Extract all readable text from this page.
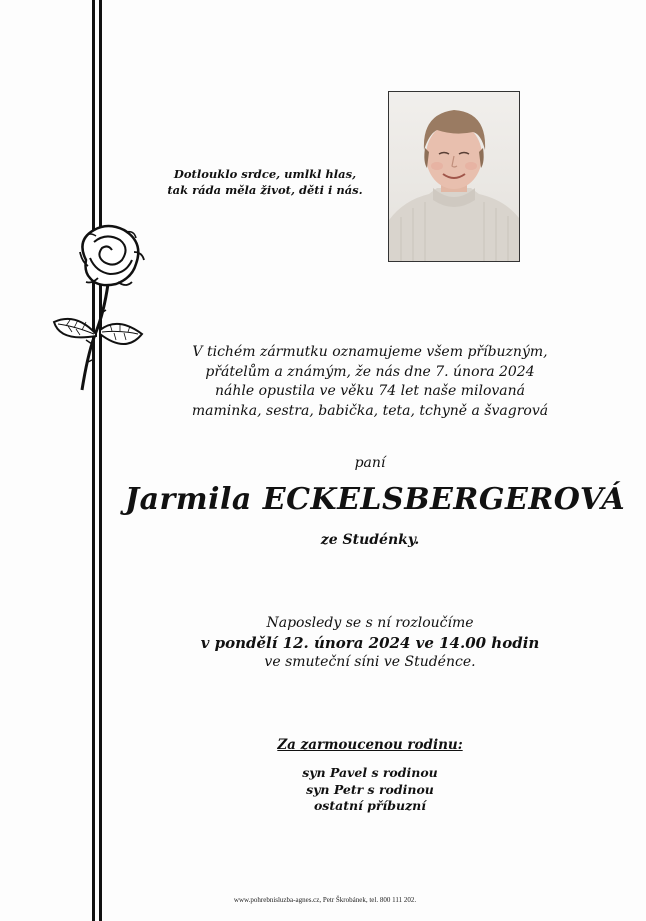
Dotlouklo srdce, umlkl hlas,
tak ráda měla život, děti i nás.
V tichém zármutku oznamujeme všem příbuzným,
přátelům a známým, že nás dne 7. února 2024
náhle opustila ve věku 74 let naše milovaná
maminka, sestra, babička, teta, tchyně a švagrová
paní
Jarmila ECKELSBERGEROVÁ
ze Studénky.
Naposledy se s ní rozloučíme
v pondělí 12. února 2024 ve 14.00 hodin
ve smuteční síni ve Studénce.
Za zarmoucenou rodinu:
syn Pavel s rodinou
syn Petr s rodinou
ostatní příbuzní
www.pohrebnisluzba-agnes.cz, Petr Škrobánek, tel. 800 111 202.
